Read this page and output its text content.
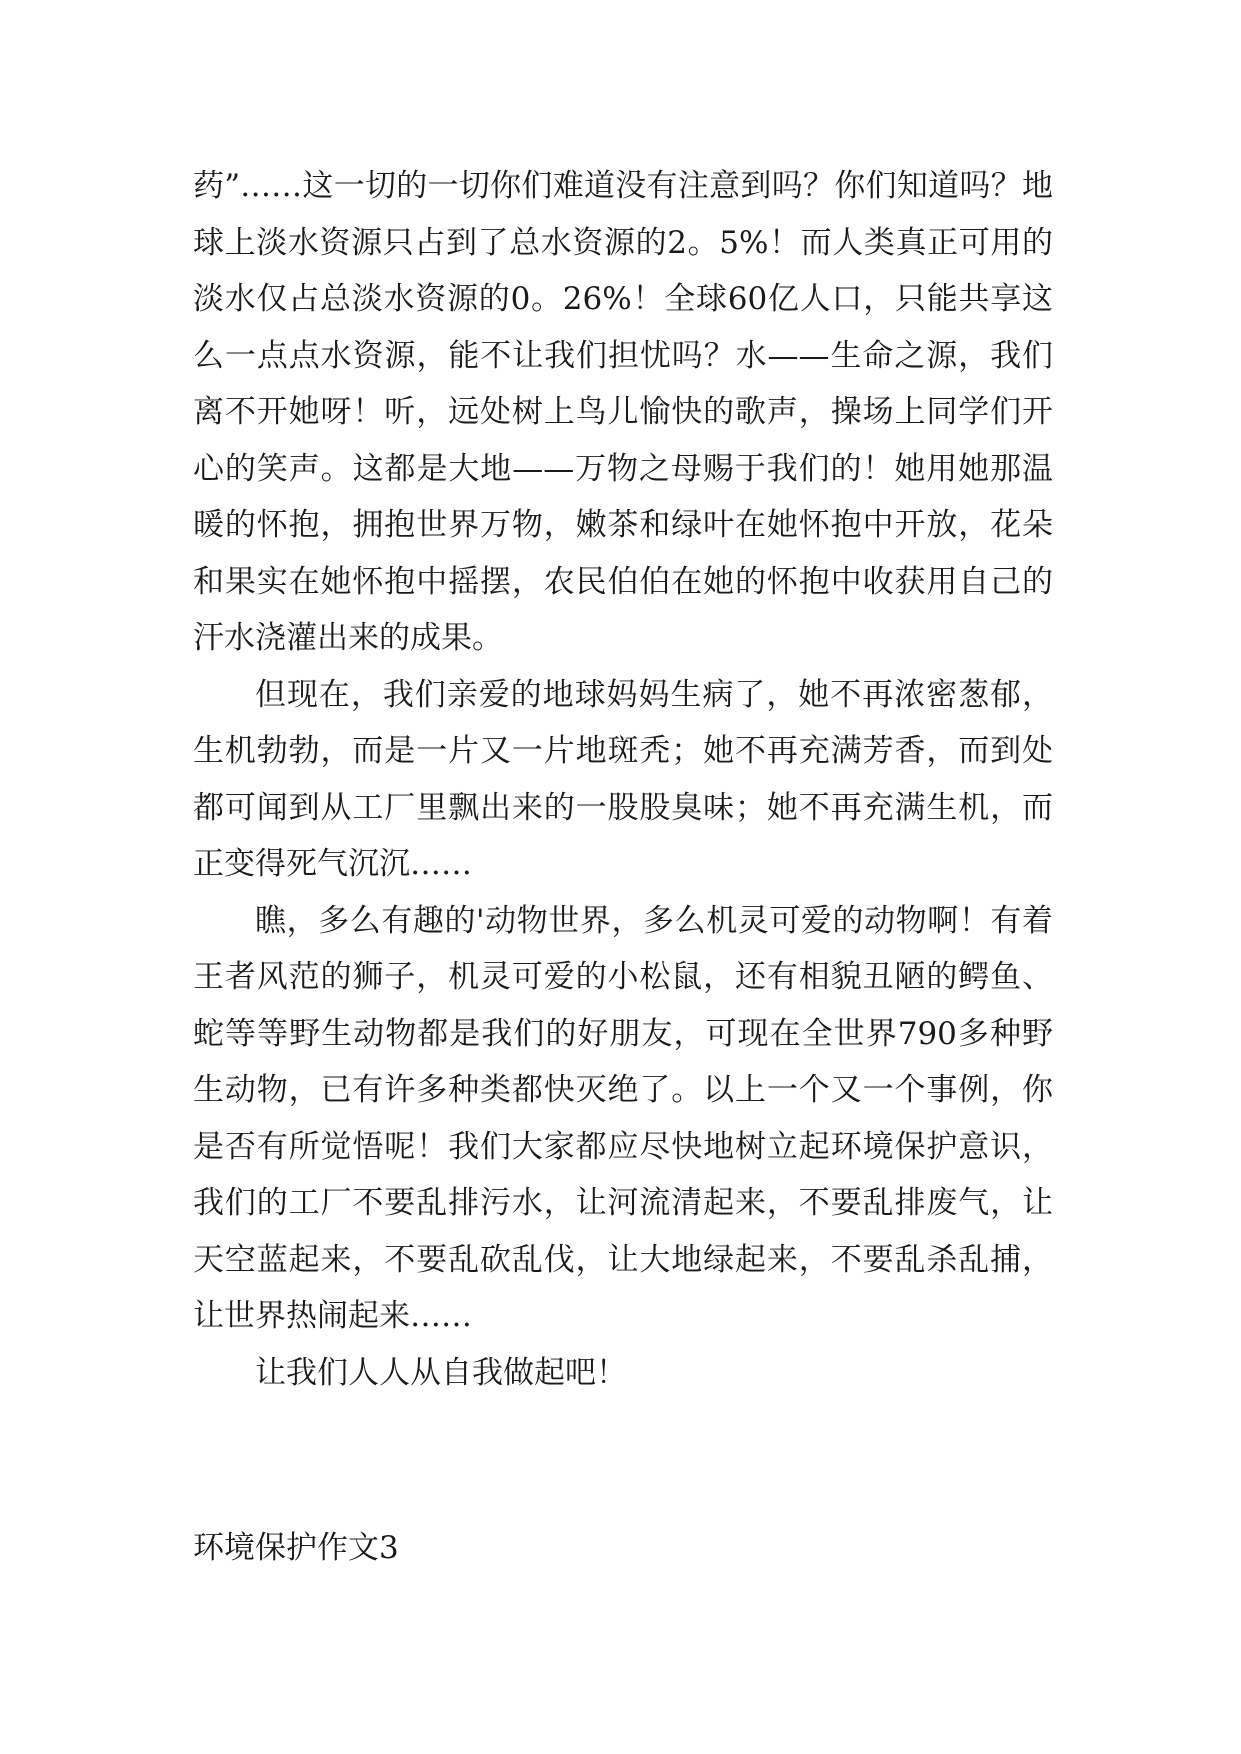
药”……这一切的一切你们难道没有注意到吗？你们知道吗？地球上淡水资源只占到了总水资源的2。5%！而人类真正可用的淡水仅占总淡水资源的0。26%！全球60亿人口，只能共享这么一点点水资源，能不让我们担忧吗？水——生命之源，我们离不开她呀！听，远处树上鸟儿愉快的歌声，操场上同学们开心的笑声。这都是大地——万物之母赐于我们的！她用她那温暖的怀抱，拥抱世界万物，嫩茶和绿叶在她怀抱中开放，花朵和果实在她怀抱中摇摆，农民伯伯在她的怀抱中收获用自己的汗水浇灌出来的成果。

但现在，我们亲爱的地球妈妈生病了，她不再浓密葱郁，生机勃勃，而是一片又一片地斑秃；她不再充满芳香，而到处都可闻到从工厂里飘出来的一股股臭味；她不再充满生机，而正变得死气沉沉……

瞧，多么有趣的'动物世界，多么机灵可爱的动物啊！有着王者风范的狮子，机灵可爱的小松鼠，还有相貌丑陋的鳄鱼、蛇等等野生动物都是我们的好朋友，可现在全世界790多种野生动物，已有许多种类都快灭绝了。以上一个又一个事例，你是否有所觉悟呢！我们大家都应尽快地树立起环境保护意识，我们的工厂不要乱排污水，让河流清起来，不要乱排废气，让天空蓝起来，不要乱砍乱伐，让大地绿起来，不要乱杀乱捕，让世界热闹起来……

让我们人人从自我做起吧！

环境保护作文3
